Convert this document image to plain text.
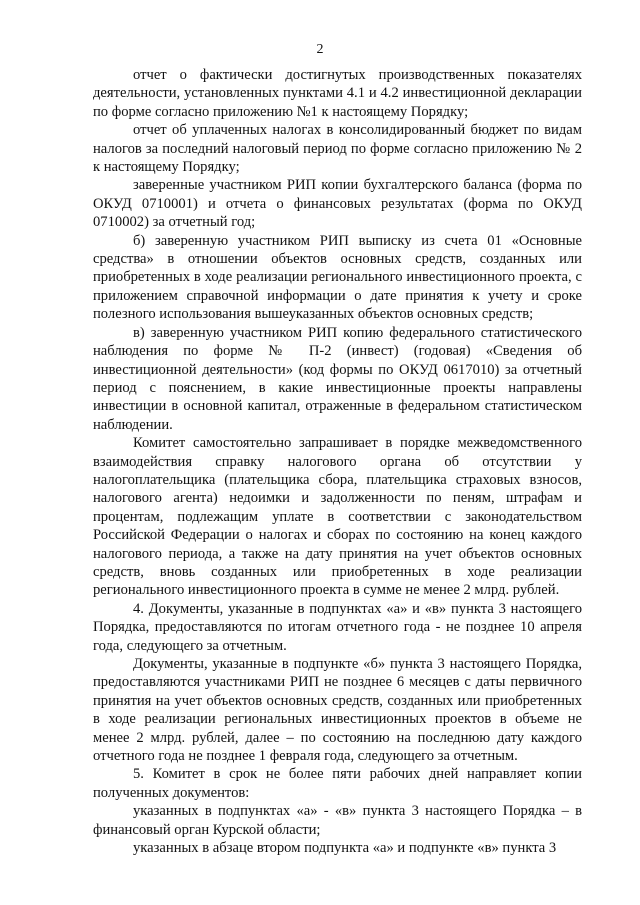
2

отчет о фактически достигнутых производственных показателях деятельности, установленных пунктами 4.1 и 4.2 инвестиционной декларации по форме согласно приложению №1 к настоящему Порядку;

отчет об уплаченных налогах в консолидированный бюджет по видам налогов за последний налоговый период по форме согласно приложению № 2 к настоящему Порядку;

заверенные участником РИП копии бухгалтерского баланса (форма по ОКУД 0710001) и отчета о финансовых результатах (форма по ОКУД 0710002) за отчетный год;

б) заверенную участником РИП выписку из счета 01 «Основные средства» в отношении объектов основных средств, созданных или приобретенных в ходе реализации регионального инвестиционного проекта, с приложением справочной информации о дате принятия к учету и сроке полезного использования вышеуказанных объектов основных средств;

в) заверенную участником РИП копию федерального статистического наблюдения по форме № П-2 (инвест) (годовая) «Сведения об инвестиционной деятельности» (код формы по ОКУД 0617010) за отчетный период с пояснением, в какие инвестиционные проекты направлены инвестиции в основной капитал, отраженные в федеральном статистическом наблюдении.

Комитет самостоятельно запрашивает в порядке межведомственного взаимодействия справку налогового органа об отсутствии у налогоплательщика (плательщика сбора, плательщика страховых взносов, налогового агента) недоимки и задолженности по пеням, штрафам и процентам, подлежащим уплате в соответствии с законодательством Российской Федерации о налогах и сборах по состоянию на конец каждого налогового периода, а также на дату принятия на учет объектов основных средств, вновь созданных или приобретенных в ходе реализации регионального инвестиционного проекта в сумме не менее 2 млрд. рублей.

4. Документы, указанные в подпунктах «а» и «в» пункта 3 настоящего Порядка, предоставляются по итогам отчетного года - не позднее 10 апреля года, следующего за отчетным.

Документы, указанные в подпункте «б» пункта 3 настоящего Порядка, предоставляются участниками РИП не позднее 6 месяцев с даты первичного принятия на учет объектов основных средств, созданных или приобретенных в ходе реализации региональных инвестиционных проектов в объеме не менее 2 млрд. рублей, далее – по состоянию на последнюю дату каждого отчетного года не позднее 1 февраля года, следующего за отчетным.

5. Комитет в срок не более пяти рабочих дней направляет копии полученных документов:

указанных в подпунктах «а» - «в» пункта 3 настоящего Порядка – в финансовый орган Курской области;

указанных в абзаце втором подпункта «а» и подпункте «в» пункта 3
